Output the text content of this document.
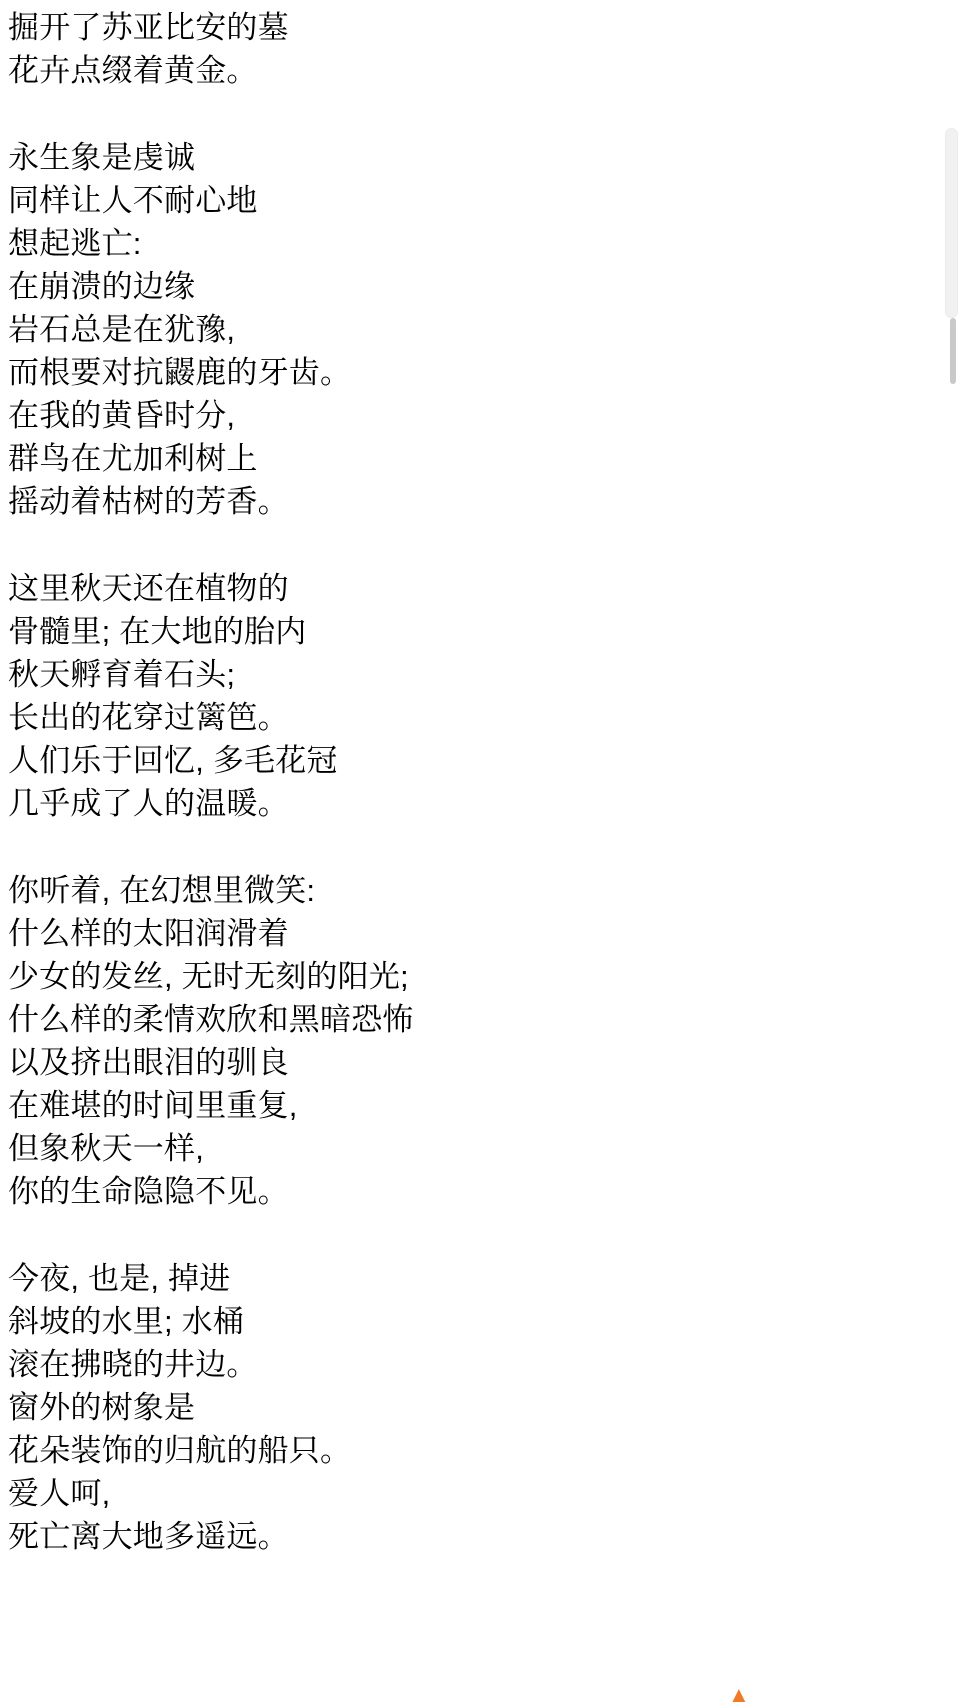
掘开了苏亚比安的墓
花卉点缀着黄金。
永生象是虔诚
同样让人不耐心地
想起逃亡:
在崩溃的边缘
岩石总是在犹豫,
而根要对抗鼹鹿的牙齿。
在我的黄昏时分,
群鸟在尤加利树上
摇动着枯树的芳香。
这里秋天还在植物的
骨髓里; 在大地的胎内
秋天孵育着石头;
长出的花穿过篱笆。
人们乐于回忆, 多毛花冠
几乎成了人的温暖。
你听着, 在幻想里微笑:
什么样的太阳润滑着
少女的发丝, 无时无刻的阳光;
什么样的柔情欢欣和黑暗恐怖
以及挤出眼泪的驯良
在难堪的时间里重复,
但象秋天一样,
你的生命隐隐不见。
今夜, 也是, 掉进
斜坡的水里; 水桶
滚在拂晓的井边。
窗外的树象是
花朵装饰的归航的船只。
爱人呵,
死亡离大地多遥远。
▲
